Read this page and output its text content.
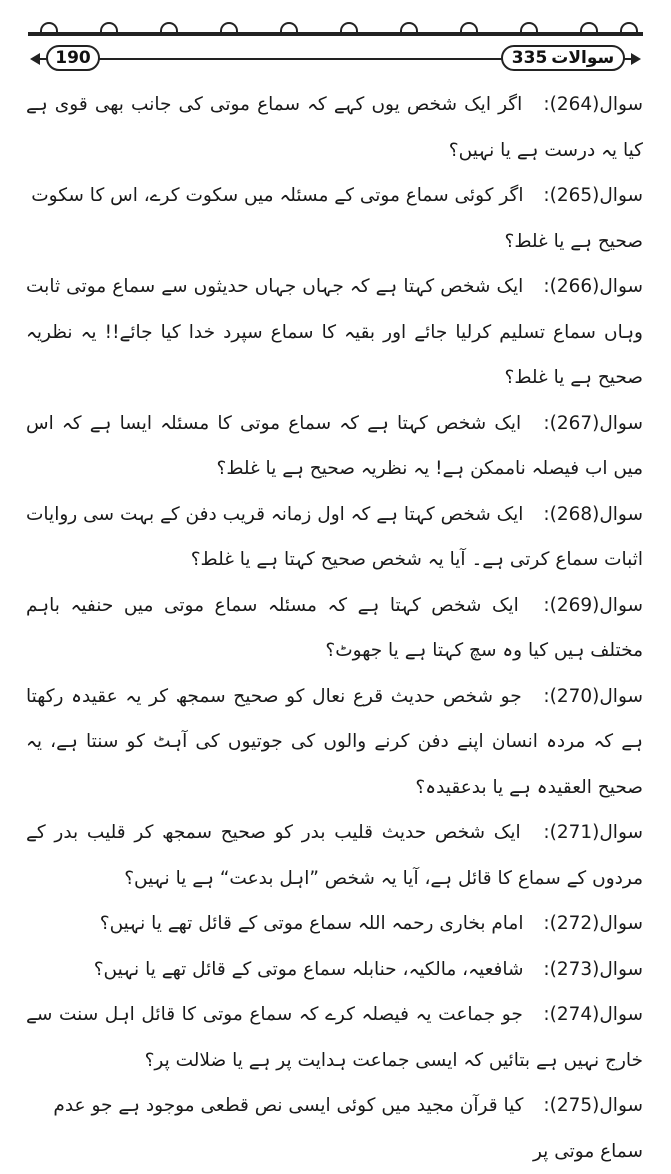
190	سوالات
335
سوال(264): اگر ایک شخص یوں کہے کہ سماع موتی کی جانب بھی قوی ہے کیا یہ درست ہے یا نہیں؟
سوال(265): اگر کوئی سماع موتی کے مسئلہ میں سکوت کرے، اس کا سکوت صحیح ہے یا غلط؟
سوال(266): ایک شخص کہتا ہے کہ جہاں جہاں حدیثوں سے سماع موتی ثابت وہاں سماع تسلیم کرلیا جائے اور بقیہ کا سماع سپرد خدا کیا جائے!! یہ نظریہ صحیح ہے یا غلط؟
سوال(267): ایک شخص کہتا ہے کہ سماع موتی کا مسئلہ ایسا ہے کہ اس میں اب فیصلہ ناممکن ہے! یہ نظریہ صحیح ہے یا غلط؟
سوال(268): ایک شخص کہتا ہے کہ اول زمانہ قریب دفن کے بہت سی روایات اثبات سماع کرتی ہے۔ آیا یہ شخص صحیح کہتا ہے یا غلط؟
سوال(269): ایک شخص کہتا ہے کہ مسئلہ سماع موتی میں حنفیہ باہم مختلف ہیں کیا وہ سچ کہتا ہے یا جھوٹ؟
سوال(270): جو شخص حدیث قرع نعال کو صحیح سمجھ کر یہ عقیدہ رکھتا ہے کہ مردہ انسان اپنے دفن کرنے والوں کی جوتیوں کی آہٹ کو سنتا ہے، یہ صحیح العقیدہ ہے یا بدعقیدہ؟
سوال(271): ایک شخص حدیث قلیب بدر کو صحیح سمجھ کر قلیب بدر کے مردوں کے سماع کا قائل ہے، آیا یہ شخص ”اہل بدعت“ ہے یا نہیں؟
سوال(272): امام بخاری رحمہ اللہ سماع موتی کے قائل تھے یا نہیں؟
سوال(273): شافعیہ، مالکیہ، حنابلہ سماع موتی کے قائل تھے یا نہیں؟
سوال(274): جو جماعت یہ فیصلہ کرے کہ سماع موتی کا قائل اہل سنت سے خارج نہیں ہے بتائیں کہ ایسی جماعت ہدایت پر ہے یا ضلالت پر؟
سوال(275): کیا قرآن مجید میں کوئی ایسی نص قطعی موجود ہے جو عدم سماع موتی پر
